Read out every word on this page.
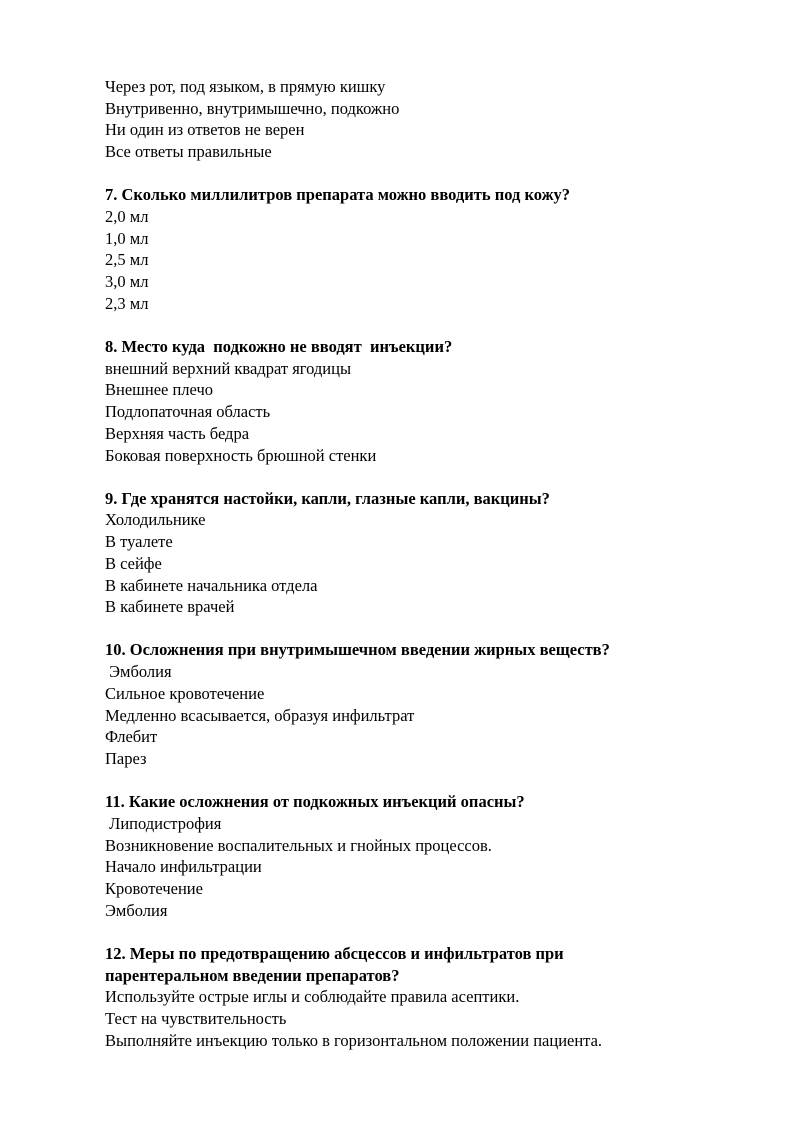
Через рот, под языком, в прямую кишку
Внутривенно, внутримышечно, подкожно
Ни один из ответов не верен
Все ответы правильные
7. Сколько миллилитров препарата можно вводить под кожу?
2,0 мл
1,0 мл
2,5 мл
3,0 мл
2,3 мл
8. Место куда  подкожно не вводят  инъекции?
внешний верхний квадрат ягодицы
Внешнее плечо
Подлопаточная область
Верхняя часть бедра
Боковая поверхность брюшной стенки
9. Где хранятся настойки, капли, глазные капли, вакцины?
Холодильнике
В туалете
В сейфе
В кабинете начальника отдела
В кабинете врачей
10. Осложнения при внутримышечном введении жирных веществ?
Эмболия
Сильное кровотечение
Медленно всасывается, образуя инфильтрат
Флебит
Парез
11. Какие осложнения от подкожных инъекций опасны?
Липодистрофия
Возникновение воспалительных и гнойных процессов.
Начало инфильтрации
Кровотечение
Эмболия
12. Меры по предотвращению абсцессов и инфильтратов при парентеральном введении препаратов?
Используйте острые иглы и соблюдайте правила асептики.
Тест на чувствительность
Выполняйте инъекцию только в горизонтальном положении пациента.
